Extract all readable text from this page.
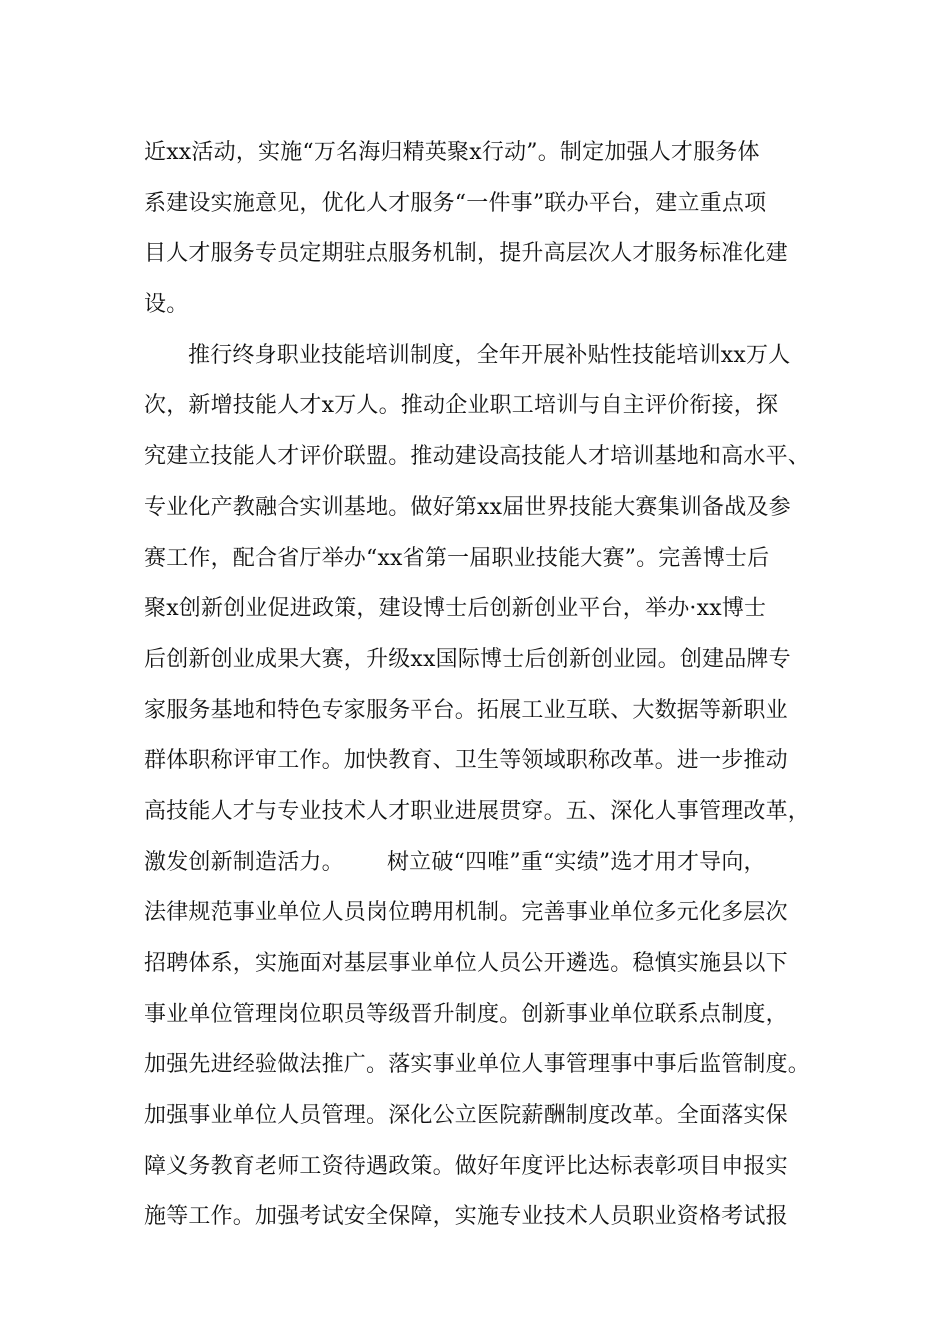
近xx活动，实施“万名海归精英聚x行动”。制定加强人才服务体
系建设实施意见，优化人才服务“一件事”联办平台，建立重点项
目人才服务专员定期驻点服务机制，提升高层次人才服务标准化建
设。
推行终身职业技能培训制度，全年开展补贴性技能培训xx万人
次，新增技能人才x万人。推动企业职工培训与自主评价衔接，探
究建立技能人才评价联盟。推动建设高技能人才培训基地和高水平、
专业化产教融合实训基地。做好第xx届世界技能大赛集训备战及参
赛工作，配合省厅举办“xx省第一届职业技能大赛”。完善博士后
聚x创新创业促进政策，建设博士后创新创业平台，举办·xx博士
后创新创业成果大赛，升级xx国际博士后创新创业园。创建品牌专
家服务基地和特色专家服务平台。拓展工业互联、大数据等新职业
群体职称评审工作。加快教育、卫生等领域职称改革。进一步推动
高技能人才与专业技术人才职业进展贯穿。五、深化人事管理改革，
激发创新制造活力。      树立破“四唯”重“实绩”选才用才导向，
法律规范事业单位人员岗位聘用机制。完善事业单位多元化多层次
招聘体系，实施面对基层事业单位人员公开遴选。稳慎实施县以下
事业单位管理岗位职员等级晋升制度。创新事业单位联系点制度，
加强先进经验做法推广。落实事业单位人事管理事中事后监管制度。
加强事业单位人员管理。深化公立医院薪酬制度改革。全面落实保
障义务教育老师工资待遇政策。做好年度评比达标表彰项目申报实
施等工作。加强考试安全保障，实施专业技术人员职业资格考试报
